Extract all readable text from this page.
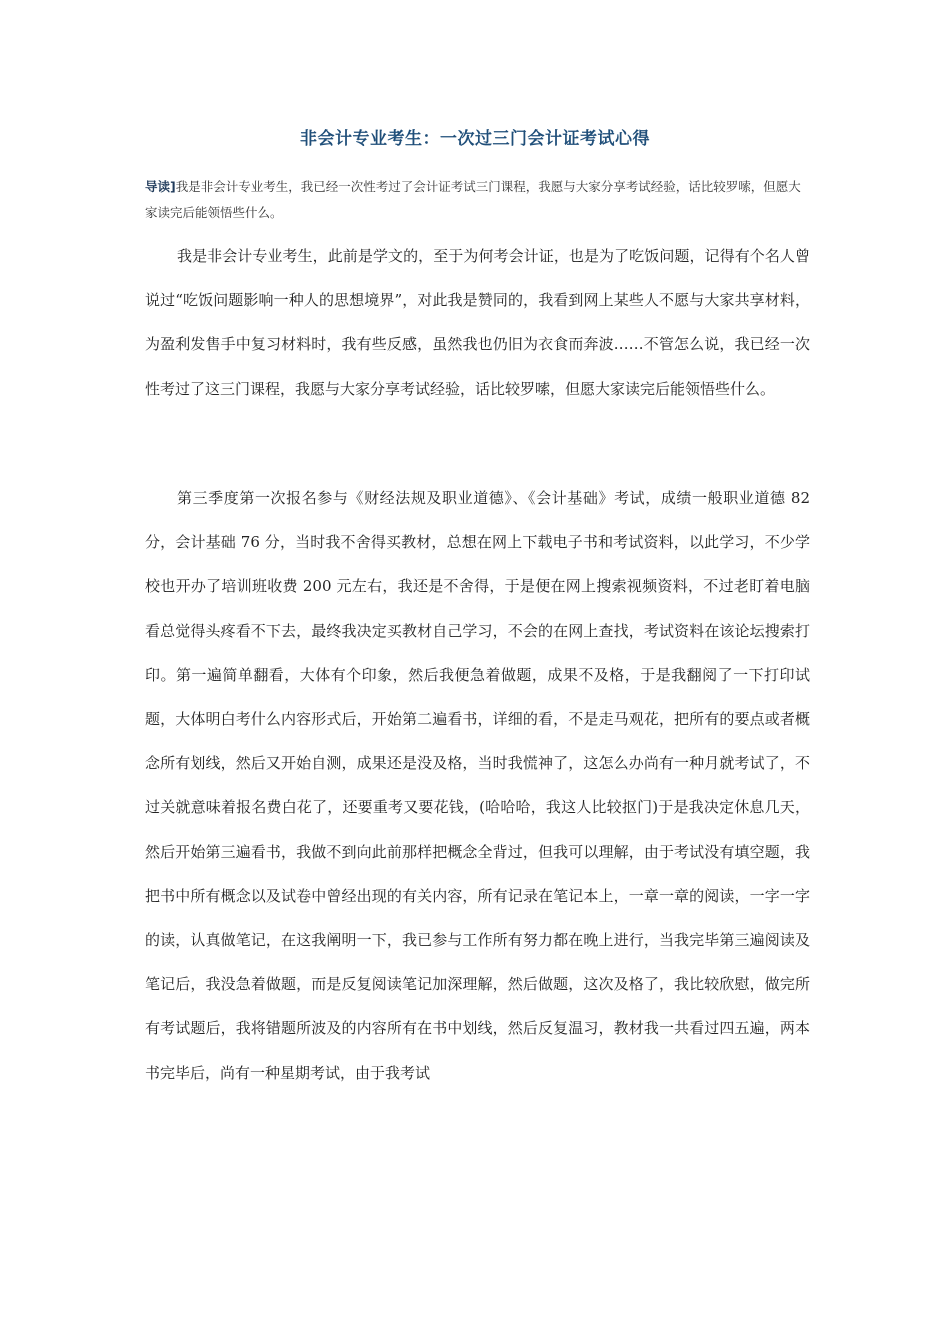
非会计专业考生：一次过三门会计证考试心得
导读]我是非会计专业考生，我已经一次性考过了会计证考试三门课程，我愿与大家分享考试经验，话比较罗嗦，但愿大家读完后能领悟些什么。
我是非会计专业考生，此前是学文的，至于为何考会计证，也是为了吃饭问题，记得有个名人曾说过“吃饭问题影响一种人的思想境界”，对此我是赞同的，我看到网上某些人不愿与大家共享材料，为盈利发售手中复习材料时，我有些反感，虽然我也仍旧为衣食而奔波……不管怎么说，我已经一次性考过了这三门课程，我愿与大家分享考试经验，话比较罗嗦，但愿大家读完后能领悟些什么。
第三季度第一次报名参与《财经法规及职业道德》、《会计基础》考试，成绩一般职业道德 82 分，会计基础 76 分，当时我不舍得买教材，总想在网上下载电子书和考试资料，以此学习，不少学校也开办了培训班收费 200 元左右，我还是不舍得，于是便在网上搜索视频资料，不过老盯着电脑看总觉得头疼看不下去，最终我决定买教材自己学习，不会的在网上查找，考试资料在该论坛搜索打印。第一遍简单翻看，大体有个印象，然后我便急着做题，成果不及格，于是我翻阅了一下打印试题，大体明白考什么内容形式后，开始第二遍看书，详细的看，不是走马观花，把所有的要点或者概念所有划线，然后又开始自测，成果还是没及格，当时我慌神了，这怎么办尚有一种月就考试了，不过关就意味着报名费白花了，还要重考又要花钱，(哈哈哈，我这人比较抠门)于是我决定休息几天，然后开始第三遍看书，我做不到向此前那样把概念全背过，但我可以理解，由于考试没有填空题，我把书中所有概念以及试卷中曾经出现的有关内容，所有记录在笔记本上，一章一章的阅读，一字一字的读，认真做笔记，在这我阐明一下，我已参与工作所有努力都在晚上进行，当我完毕第三遍阅读及笔记后，我没急着做题，而是反复阅读笔记加深理解，然后做题，这次及格了，我比较欣慰，做完所有考试题后，我将错题所波及的内容所有在书中划线，然后反复温习，教材我一共看过四五遍，两本书完毕后，尚有一种星期考试，由于我考试
